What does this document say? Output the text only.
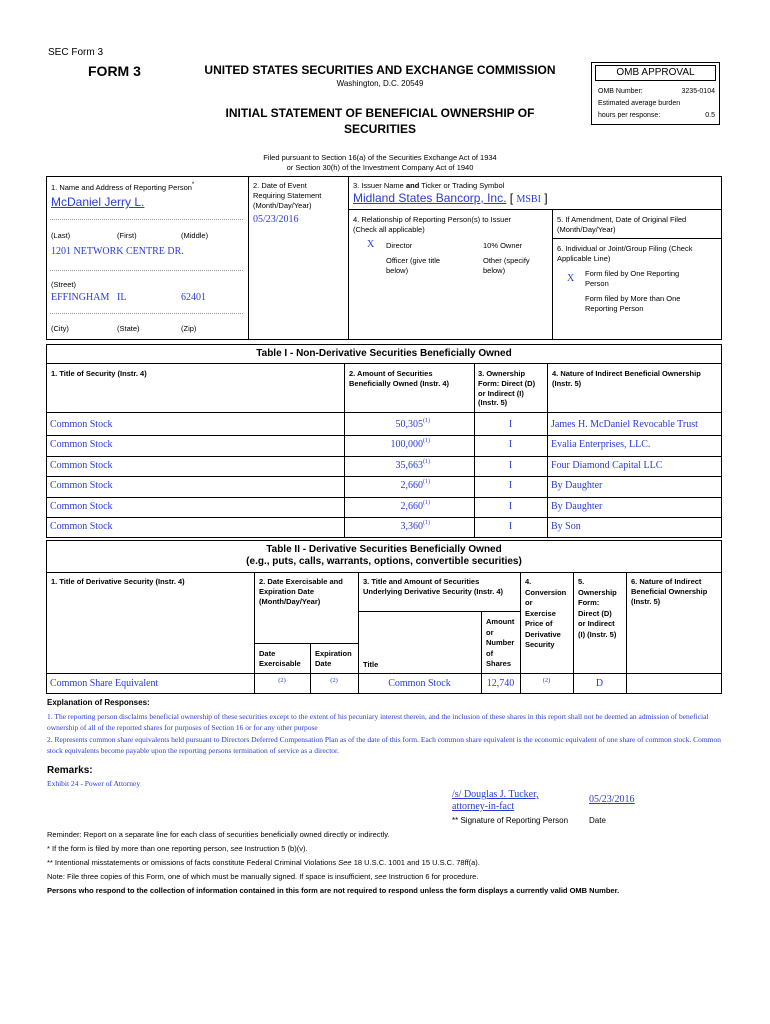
SEC Form 3
FORM 3	UNITED STATES SECURITIES AND EXCHANGE COMMISSION
Washington, D.C. 20549
INITIAL STATEMENT OF BENEFICIAL OWNERSHIP OF
SECURITIES
Filed pursuant to Section 16(a) of the Securities Exchange Act of 1934
or Section 30(h) of the Investment Company Act of 1940
OMB APPROVAL
OMB Number:	3235-0104
Estimated average burden
hours per response:	0.5
1. Name and Address of Reporting Person*
McDaniel Jerry L.
(Last)	(First)	(Middle)
1201 NETWORK CENTRE DR.
(Street)
EFFINGHAM IL	62401
(City)	(State)	(Zip)
2. Date of Event
Requiring Statement
(Month/Day/Year)
05/23/2016
3. Issuer Name and Ticker or Trading Symbol
Midland States Bancorp, Inc. [ MSBI ]
4. Relationship of Reporting Person(s) to Issuer
(Check all applicable)
X Director	10% Owner
Officer (give title
below)
Other (specify
below)
5. If Amendment, Date of Original Filed
(Month/Day/Year)
6. Individual or Joint/Group Filing (Check
Applicable Line)
X Form filed by One Reporting
Person
Form filed by More than One
Reporting Person
Table I - Non-Derivative Securities Beneficially Owned
1. Title of Security (Instr. 4)	2. Amount of Securities
Beneficially Owned (Instr. 4)
3. Ownership
Form: Direct (D)
or Indirect (I)
(Instr. 5)
4. Nature of Indirect Beneficial Ownership
(Instr. 5)
Common Stock	50,305$^{(1)}$	I	James H. McDaniel Revocable Trust
Common Stock	100,000$^{(1)}$	I	Evalia Enterprises, LLC.
Common Stock	35,663$^{(1)}$	I	Four Diamond Capital LLC
Common Stock	2,660$^{(1)}$	I	By Daughter
Common Stock	2,660$^{(1)}$	I	By Daughter
Common Stock	3,360$^{(1)}$	I	By Son
Table II - Derivative Securities Beneficially Owned
(e.g., puts, calls, warrants, options, convertible securities)
1. Title of Derivative Security (Instr. 4)	2. Date Exercisable and
Expiration Date
(Month/Day/Year)
3. Title and Amount of Securities
Underlying Derivative Security (Instr. 4)
4.
Conversion
or
Exercise
Price of
Derivative
Security
5.
Ownership
Form:
Direct (D)
or Indirect
(I) (Instr. 5)
6. Nature of Indirect
Beneficial Ownership
(Instr. 5)
Date
Exercisable
Expiration
Date	Title
Amount
or
Number
of
Shares
Common Share Equivalent	(2)	(2)	Common Stock	12,740	(2)	D
Explanation of Responses:
1. The reporting person disclaims beneficial ownership of these securities except to the extent of his pecuniary interest therein, and the inclusion of these shares in this report shall not be deemed an admission of beneficial ownership of all of the reported shares for purposes of Section 16 or for any other purpose
2. Represents common share equivalents held pursuant to Directors Deferred Compensation Plan as of the date of this form. Each common share equivalent is the economic equivalent of one share of common stock. Common stock equivalents become payable upon the reporting persons termination of service as a director.
Remarks:
Exhibit 24 - Power of Attorney
/s/ Douglas J. Tucker,
attorney-in-fact
05/23/2016
** Signature of Reporting Person	Date
Reminder: Report on a separate line for each class of securities beneficially owned directly or indirectly.
* If the form is filed by more than one reporting person, see Instruction 5 (b)(v).
** Intentional misstatements or omissions of facts constitute Federal Criminal Violations See 18 U.S.C. 1001 and 15 U.S.C. 78ff(a).
Note: File three copies of this Form, one of which must be manually signed. If space is insufficient, see Instruction 6 for procedure.
Persons who respond to the collection of information contained in this form are not required to respond unless the form displays a currently valid OMB Number.
